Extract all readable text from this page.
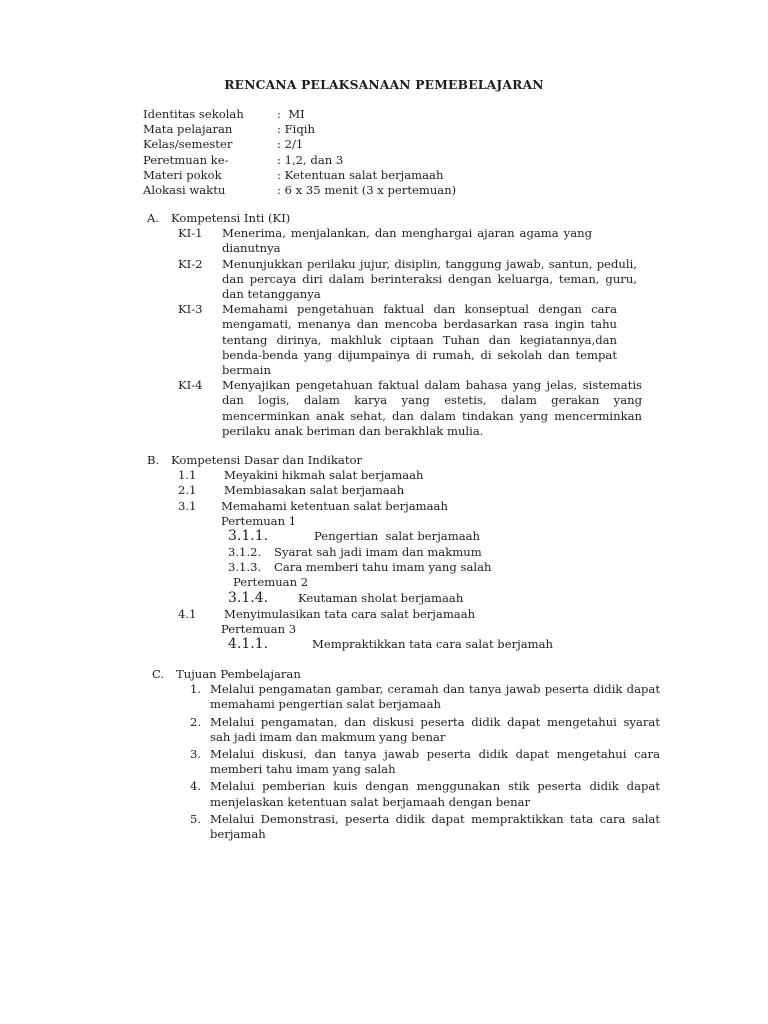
RENCANA PELAKSANAAN PEMEBELAJARAN
Identitas sekolah	:  MI
Mata pelajaran	: Fiqih
Kelas/semester	: 2/1
Peretmuan ke-	: 1,2, dan 3
Materi pokok	: Ketentuan salat berjamaah
Alokasi waktu	: 6 x 35 menit (3 x pertemuan)
A.	Kompetensi Inti (KI)
KI-1	Menerima, menjalankan, dan menghargai ajaran agama yang dianutnya
KI-2	Menunjukkan perilaku jujur, disiplin, tanggung jawab, santun, peduli, dan percaya diri dalam berinteraksi dengan keluarga, teman, guru, dan tetangganya
KI-3	Memahami pengetahuan faktual dan konseptual dengan cara mengamati, menanya dan mencoba berdasarkan rasa ingin tahu tentang dirinya, makhluk ciptaan Tuhan dan kegiatannya,dan benda-benda yang dijumpainya di rumah, di sekolah dan tempat bermain
KI-4	Menyajikan pengetahuan faktual dalam bahasa yang jelas, sistematis dan logis, dalam karya yang estetis, dalam gerakan yang mencerminkan anak sehat, dan dalam tindakan yang mencerminkan perilaku anak beriman dan berakhlak mulia.
B.	Kompetensi Dasar dan Indikator
1.1	Meyakini hikmah salat berjamaah
2.1	Membiasakan salat berjamaah
3.1	Memahami ketentuan salat berjamaah
Pertemuan 1
3.1.1.	Pengertian  salat berjamaah
3.1.2.	Syarat sah jadi imam dan makmum
3.1.3.	Cara memberi tahu imam yang salah
Pertemuan 2
3.1.4.	Keutaman sholat berjamaah
4.1	Menyimulasikan tata cara salat berjamaah
Pertemuan 3
4.1.1.	Mempraktikkan tata cara salat berjamah
C.	Tujuan Pembelajaran
1. Melalui pengamatan gambar, ceramah dan tanya jawab peserta didik dapat memahami pengertian salat berjamaah
2. Melalui pengamatan, dan diskusi peserta didik dapat mengetahui syarat sah jadi imam dan makmum yang benar
3. Melalui diskusi, dan tanya jawab peserta didik dapat mengetahui cara memberi tahu imam yang salah
4. Melalui pemberian kuis dengan menggunakan stik peserta didik dapat menjelaskan ketentuan salat berjamaah dengan benar
5. Melalui Demonstrasi, peserta didik dapat mempraktikkan tata cara salat berjamah
